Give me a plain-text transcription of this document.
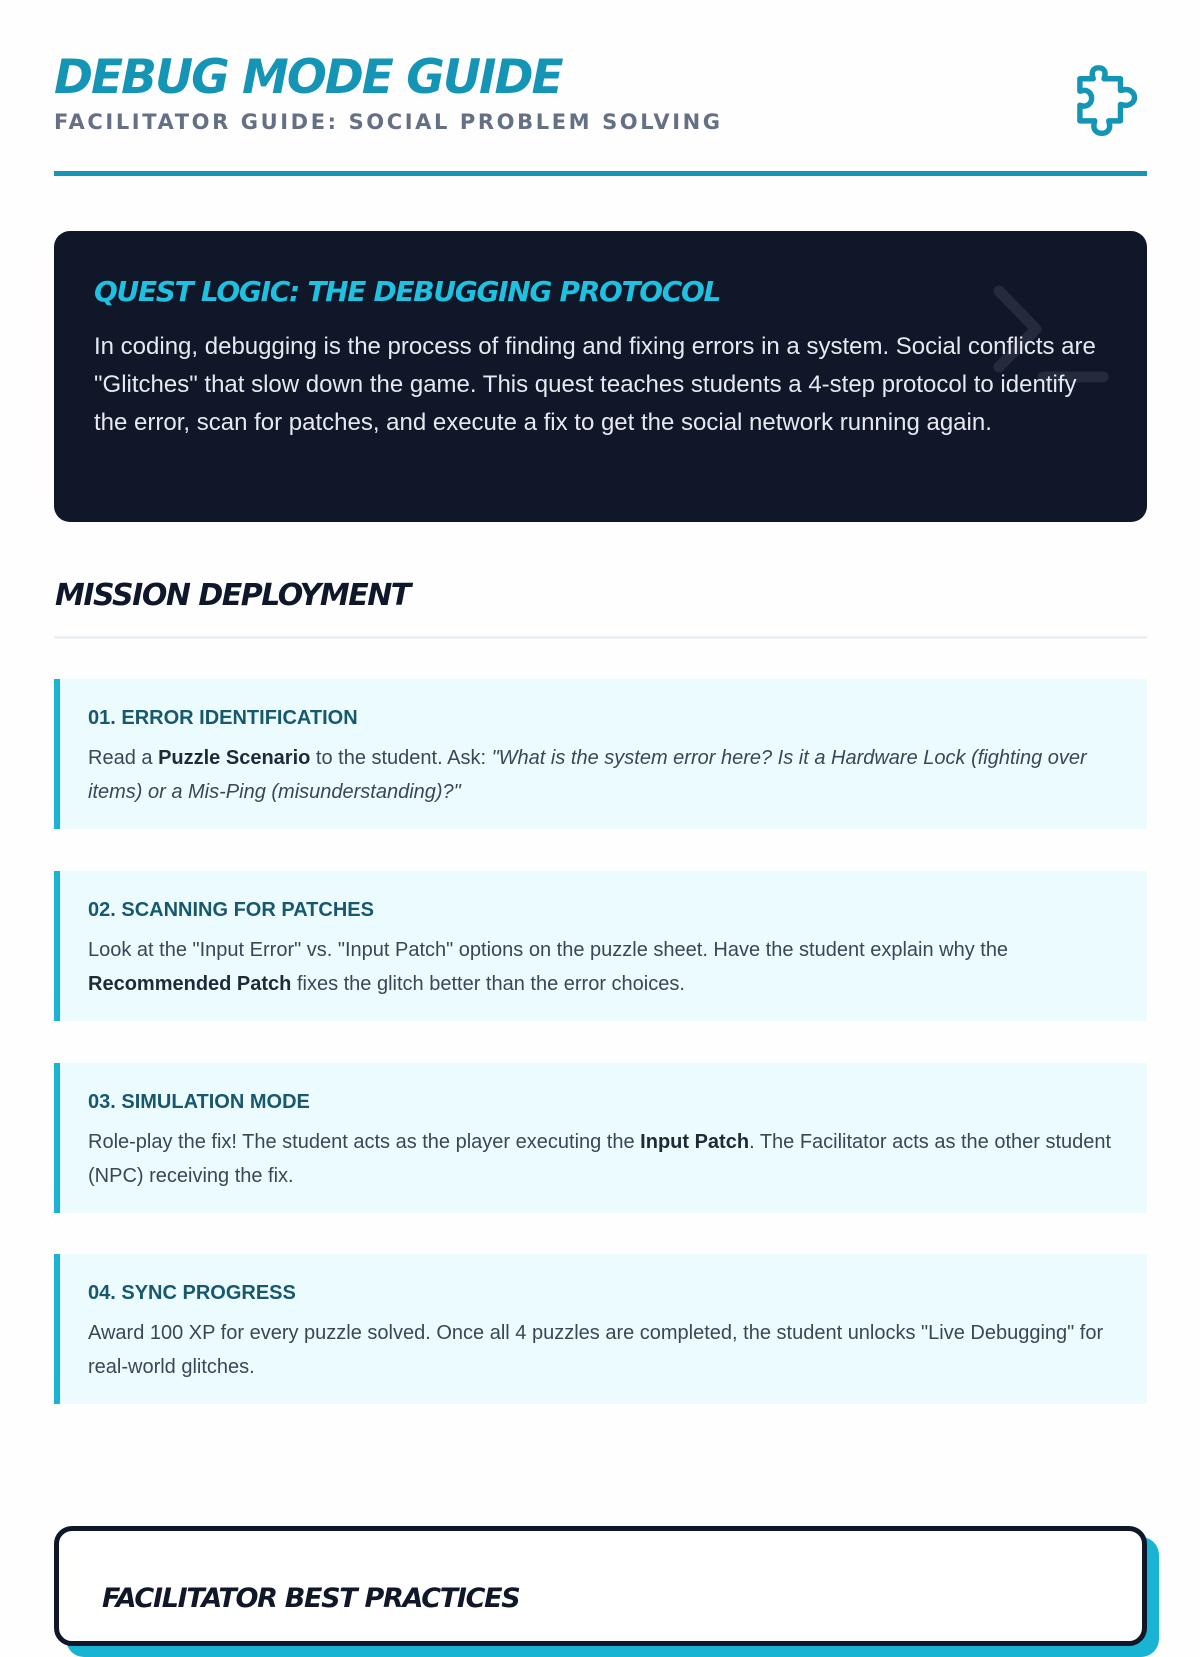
DEBUG MODE GUIDE
FACILITATOR GUIDE: SOCIAL PROBLEM SOLVING
QUEST LOGIC: THE DEBUGGING PROTOCOL

In coding, debugging is the process of finding and fixing errors in a system. Social conflicts are "Glitches" that slow down the game. This quest teaches students a 4-step protocol to identify the error, scan for patches, and execute a fix to get the social network running again.

MISSION DEPLOYMENT
01. ERROR IDENTIFICATION
Read a Puzzle Scenario to the student. Ask: "What is the system error here? Is it a Hardware Lock (fighting over items) or a Mis-Ping (misunderstanding)?"
02. SCANNING FOR PATCHES
Look at the "Input Error" vs. "Input Patch" options on the puzzle sheet. Have the student explain why the Recommended Patch fixes the glitch better than the error choices.
03. SIMULATION MODE
Role-play the fix! The student acts as the player executing the Input Patch. The Facilitator acts as the other student (NPC) receiving the fix.
04. SYNC PROGRESS
Award 100 XP for every puzzle solved. Once all 4 puzzles are completed, the student unlocks "Live Debugging" for real-world glitches.
FACILITATOR BEST PRACTICES
